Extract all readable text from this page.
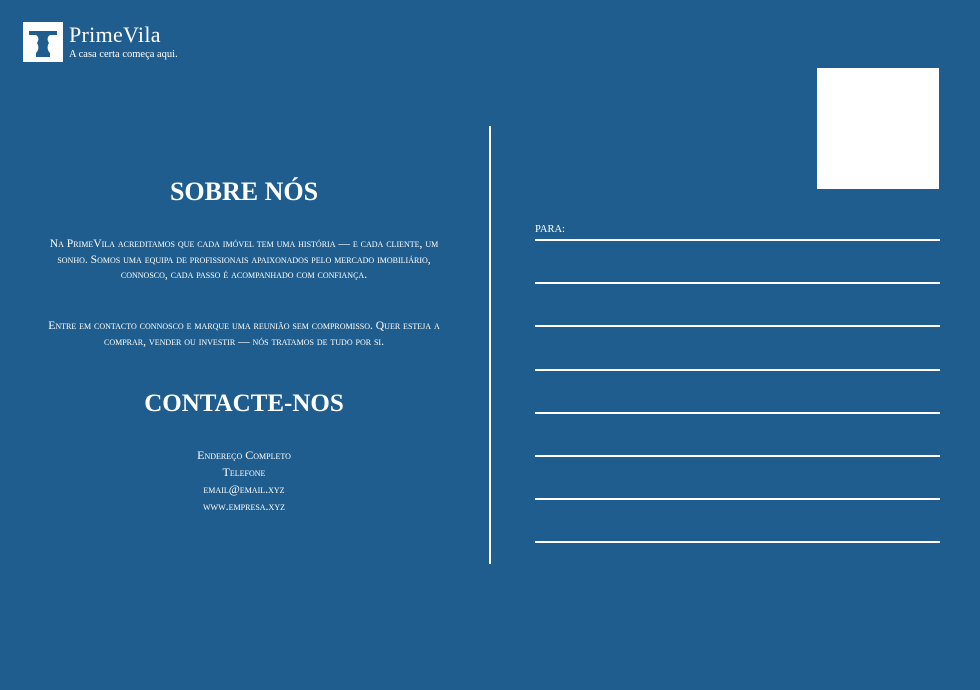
PrimeVila
A casa certa começa aqui.
SOBRE NÓS

Na PrimeVila acreditamos que cada imóvel tem uma história — e cada cliente, um sonho. Somos uma equipa de profissionais apaixonados pelo mercado imobiliário, connosco, cada passo é acompanhado com confiança.

Entre em contacto connosco e marque uma reunião sem compromisso. Quer esteja a comprar, vender ou investir — nós tratamos de tudo por si.

CONTACTE-NOS
Endereço Completo
Telefone
email@email.xyz
www.empresa.xyz
PARA:
